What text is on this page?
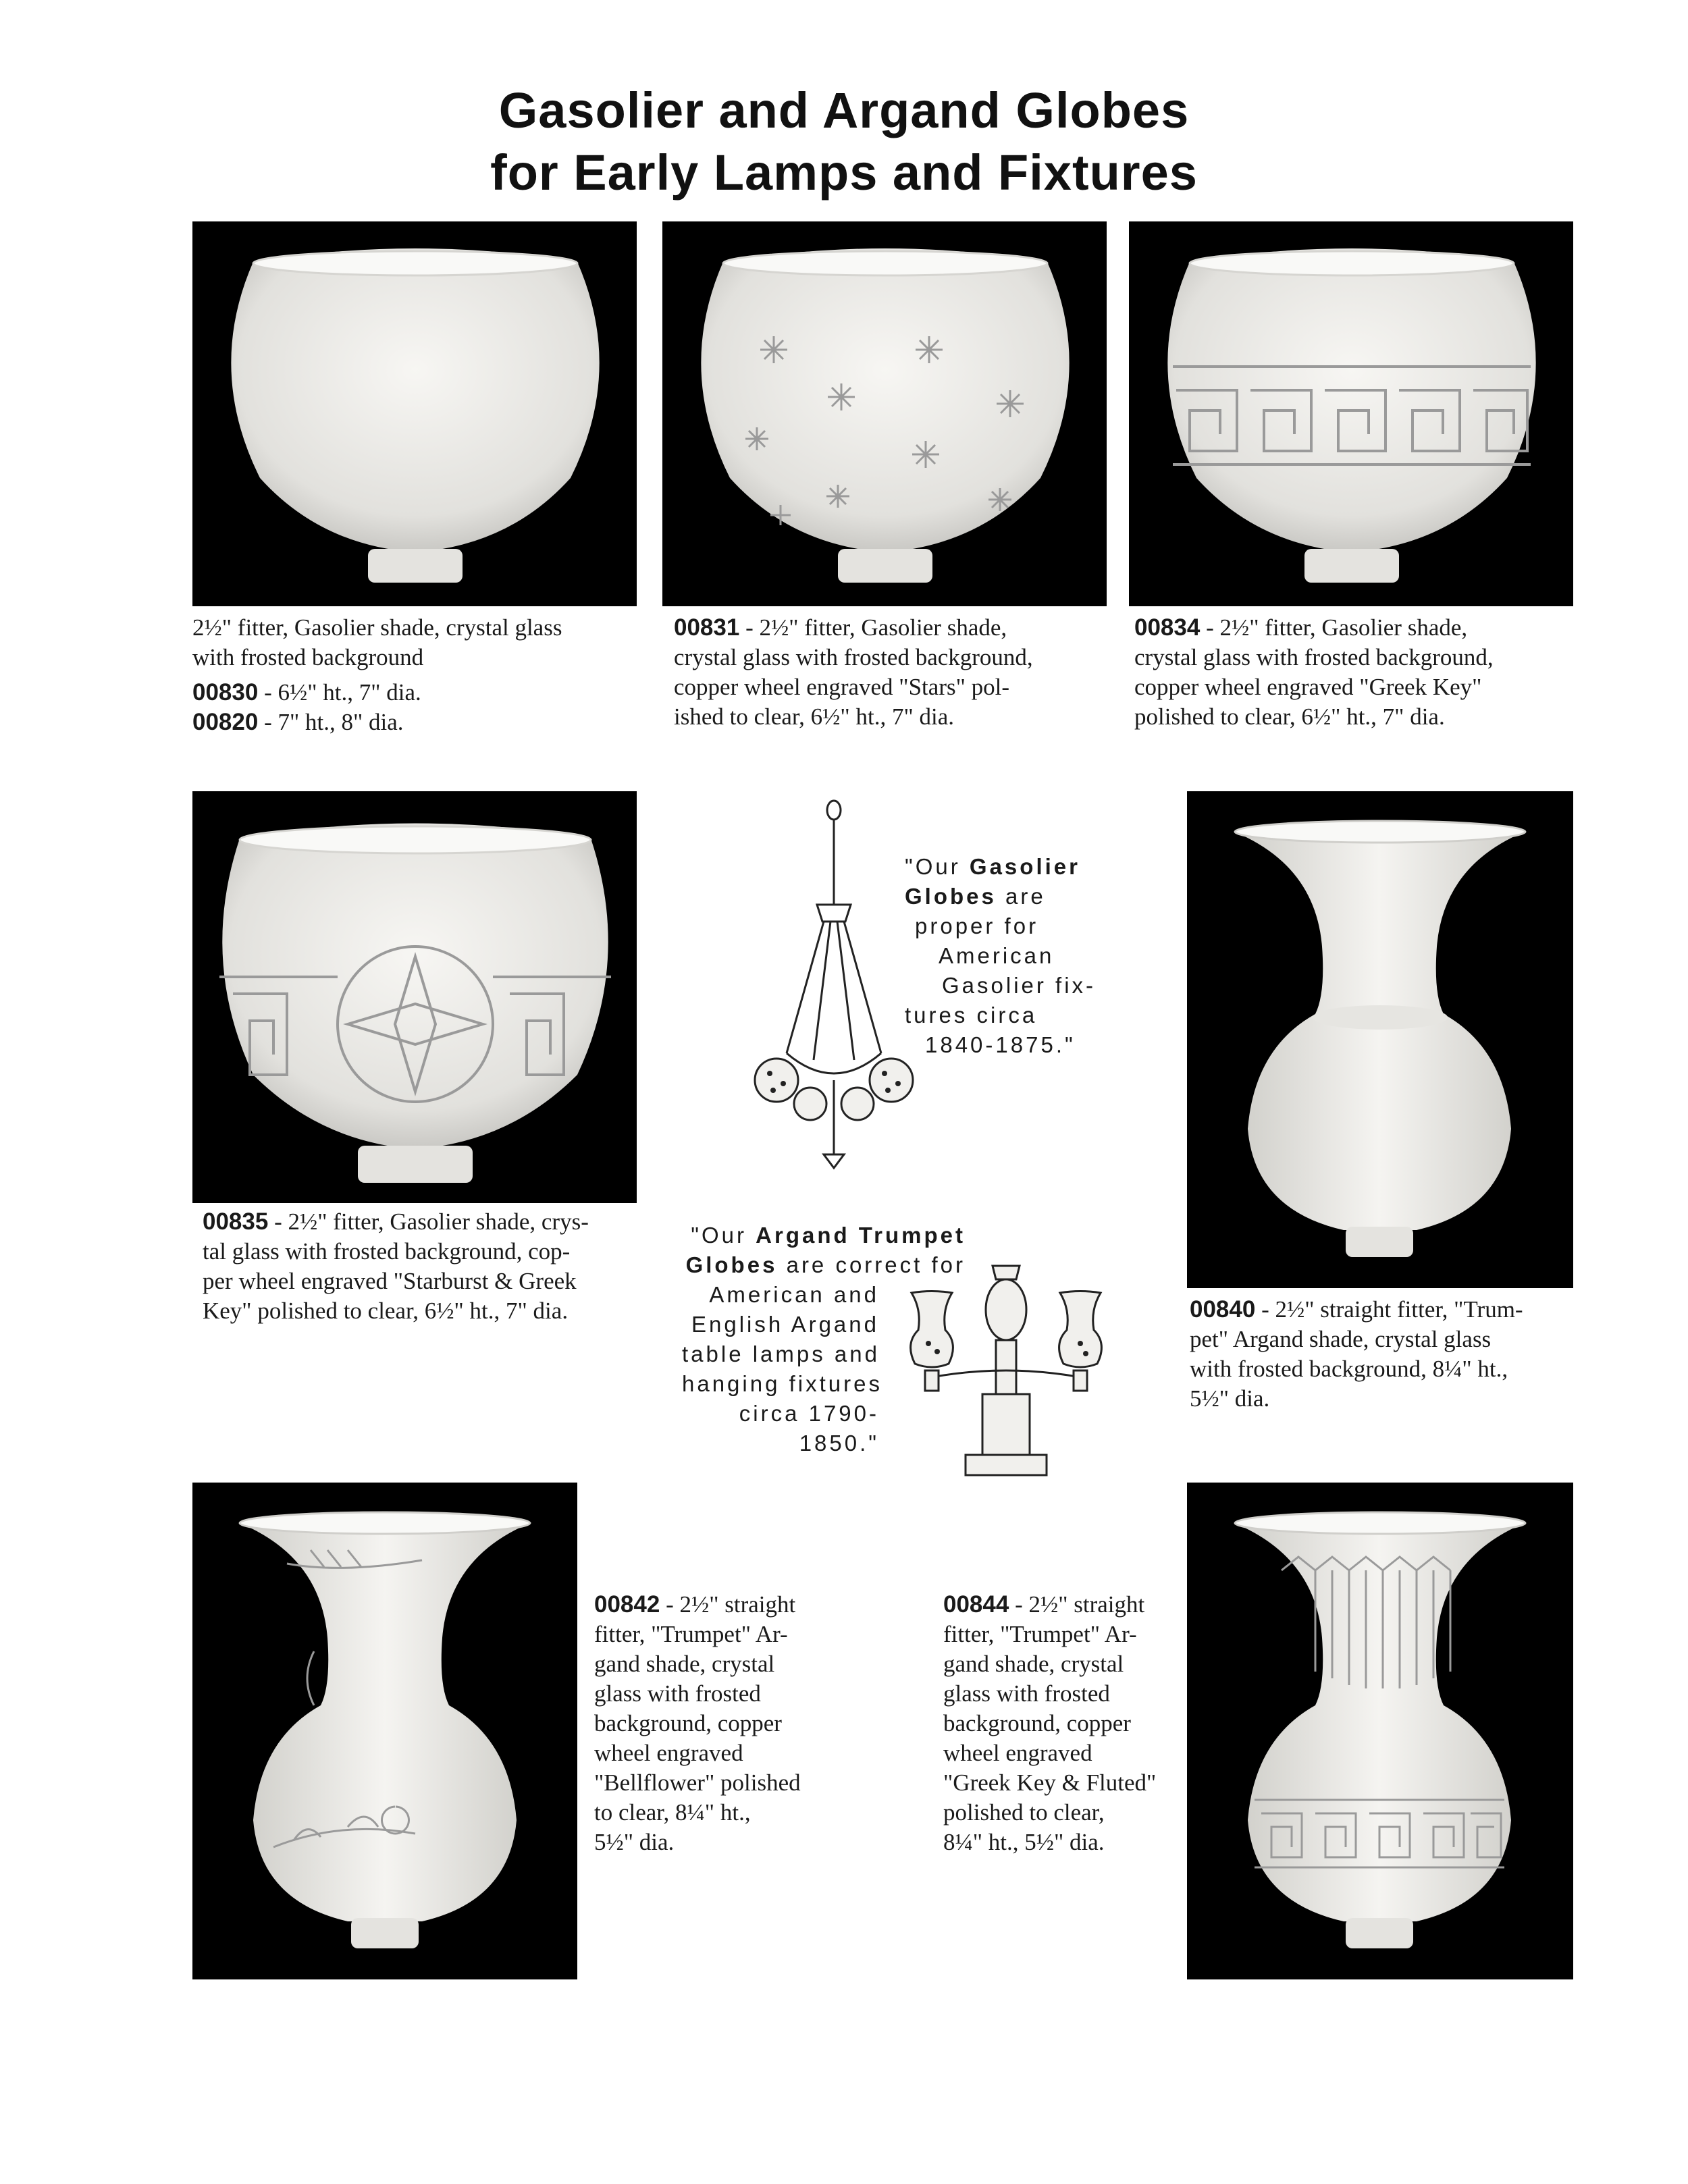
Gasolier and Argand Globes
for Early Lamps and Fixtures

2½" fitter, Gasolier shade, crystal glass

with frosted background

00830 - 6½" ht., 7" dia.

00820 - 7" ht., 8" dia.

00831 - 2½" fitter, Gasolier shade,

crystal glass with frosted background,

copper wheel engraved "Stars" pol-

ished to clear, 6½" ht., 7" dia.

00834 - 2½" fitter, Gasolier shade,

crystal glass with frosted background,

copper wheel engraved "Greek Key"

polished to clear, 6½" ht., 7" dia.

00835 - 2½" fitter, Gasolier shade, crys-

tal glass with frosted background, cop-

per wheel engraved "Starburst & Greek

Key" polished to clear, 6½" ht., 7" dia.

"Our Gasolier
Globes are
proper for
American
Gasolier fix-
tures circa
1840-1875."

00840 - 2½" straight fitter, "Trum-

pet" Argand shade, crystal glass

with frosted background, 8¼" ht.,

5½" dia.

"Our Argand Trumpet
Globes are correct for
American and
English Argand
table lamps and
hanging fixtures
circa 1790-
1850."

00842 - 2½" straight

fitter, "Trumpet" Ar-

gand shade, crystal

glass with frosted

background, copper

wheel engraved

"Bellflower" polished

to clear, 8¼" ht.,

5½" dia.

00844 - 2½" straight

fitter, "Trumpet" Ar-

gand shade, crystal

glass with frosted

background, copper

wheel engraved

"Greek Key & Fluted"

polished to clear,

8¼" ht., 5½" dia.
